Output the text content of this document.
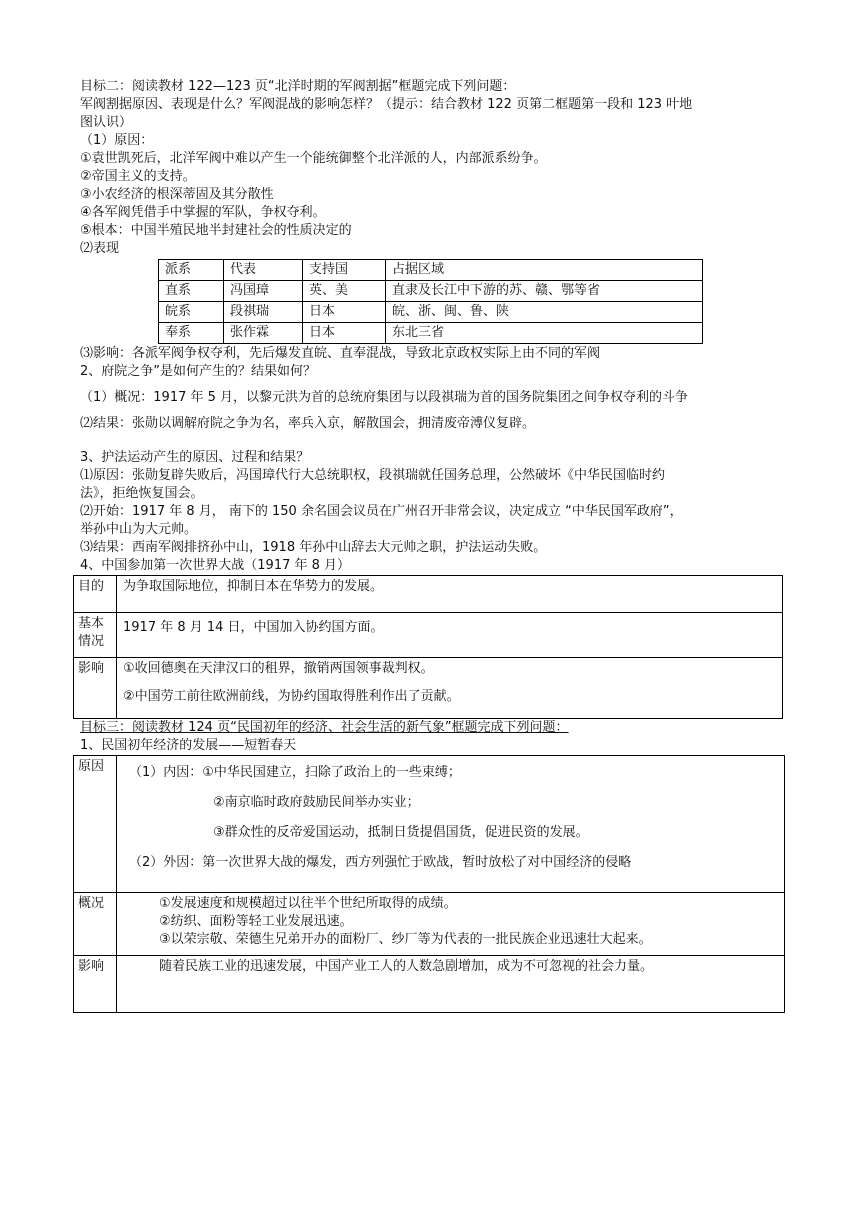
目标二：阅读教材 122—123 页“北洋时期的军阀割据”框题完成下列问题：
军阀割据原因、表现是什么？军阀混战的影响怎样？（提示：结合教材 122 页第二框题第一段和 123 叶地
图认识）
（1）原因：
①袁世凯死后，北洋军阀中难以产生一个能统御整个北洋派的人，内部派系纷争。
②帝国主义的支持。
③小农经济的根深蒂固及其分散性
④各军阀凭借手中掌握的军队，争权夺利。
⑤根本：中国半殖民地半封建社会的性质决定的
⑵表现
派系	代表	支持国	占据区域
直系	冯国璋	英、美	直隶及长江中下游的苏、赣、鄂等省
皖系	段祺瑞	日本	皖、浙、闽、鲁、陕
奉系	张作霖	日本	东北三省
⑶影响：各派军阀争权夺利，先后爆发直皖、直奉混战，导致北京政权实际上由不同的军阀
2、府院之争”是如何产生的？结果如何？
（1）概况：1917 年 5 月，以黎元洪为首的总统府集团与以段祺瑞为首的国务院集团之间争权夺利的斗争
⑵结果：张勋以调解府院之争为名，率兵入京，解散国会，拥清废帝溥仪复辟。
3、护法运动产生的原因、过程和结果？
⑴原因：张勋复辟失败后，冯国璋代行大总统职权，段祺瑞就任国务总理，公然破坏《中华民国临时约
法》，拒绝恢复国会。
⑵开始：1917 年 8 月， 南下的 150 余名国会议员在广州召开非常会议，决定成立 “中华民国军政府”，
举孙中山为大元帅。
⑶结果：西南军阀排挤孙中山，1918 年孙中山辞去大元帅之职，护法运动失败。
4、中国参加第一次世界大战（1917 年 8 月）
目的	为争取国际地位，抑制日本在华势力的发展。
基本情况	1917 年 8 月 14 日，中国加入协约国方面。
影响	①收回德奥在天津汉口的租界，撤销两国领事裁判权。
②中国劳工前往欧洲前线，为协约国取得胜利作出了贡献。
目标三：阅读教材 124 页“民国初年的经济、社会生活的新气象”框题完成下列问题：
1、民国初年经济的发展——短暂春天
原因	（1）内因：①中华民国建立，扫除了政治上的一些束缚；
②南京临时政府鼓励民间举办实业；
③群众性的反帝爱国运动，抵制日货提倡国货，促进民资的发展。
（2）外因：第一次世界大战的爆发，西方列强忙于欧战，暂时放松了对中国经济的侵略

概况	①发展速度和规模超过以往半个世纪所取得的成绩。
②纺织、面粉等轻工业发展迅速。
③以荣宗敬、荣德生兄弟开办的面粉厂、纱厂等为代表的一批民族企业迅速壮大起来。

影响	随着民族工业的迅速发展，中国产业工人的人数急剧增加，成为不可忽视的社会力量。
